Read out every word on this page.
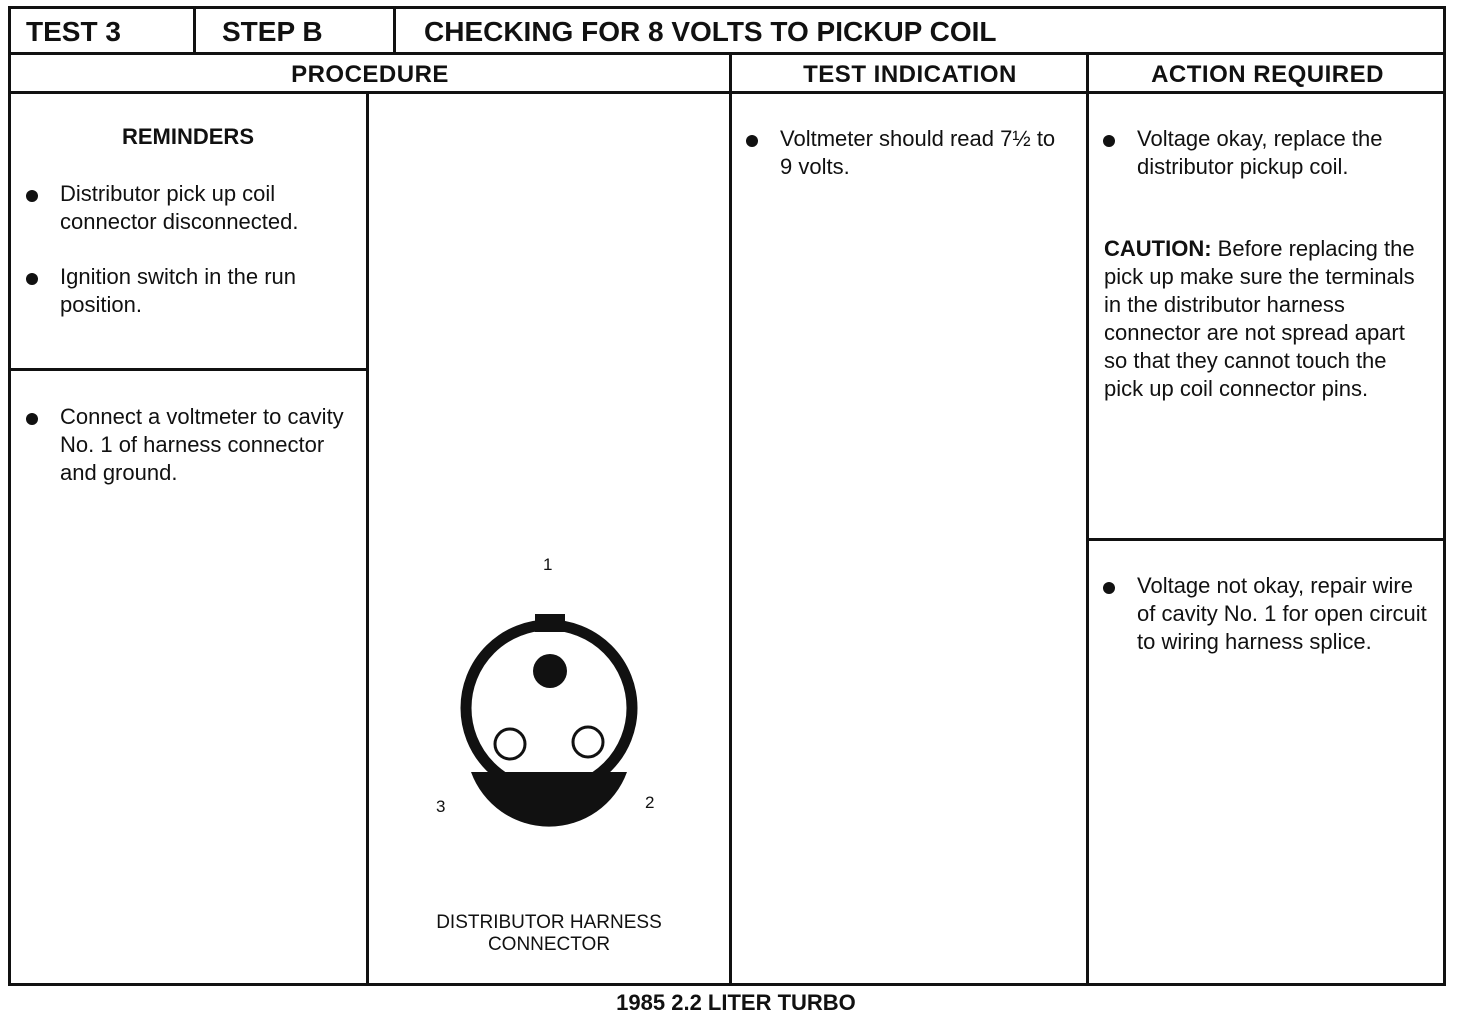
TEST 3	STEP B	CHECKING FOR 8 VOLTS TO PICKUP COIL
PROCEDURE	TEST INDICATION	ACTION REQUIRED
REMINDERS
Distributor pick up coil connector disconnected.
Ignition switch in the run position.
Connect a voltmeter to cavity No. 1 of harness connector and ground.
1
2
3
DISTRIBUTOR HARNESS
CONNECTOR
Voltmeter should read 7½ to 9 volts.
Voltage okay, replace the distributor pickup coil.
CAUTION: Before replacing the pick up make sure the terminals in the distributor harness connector are not spread apart so that they cannot touch the pick up coil connector pins.
Voltage not okay, repair wire of cavity No. 1 for open circuit to wiring harness splice.
1985 2.2 LITER TURBO
